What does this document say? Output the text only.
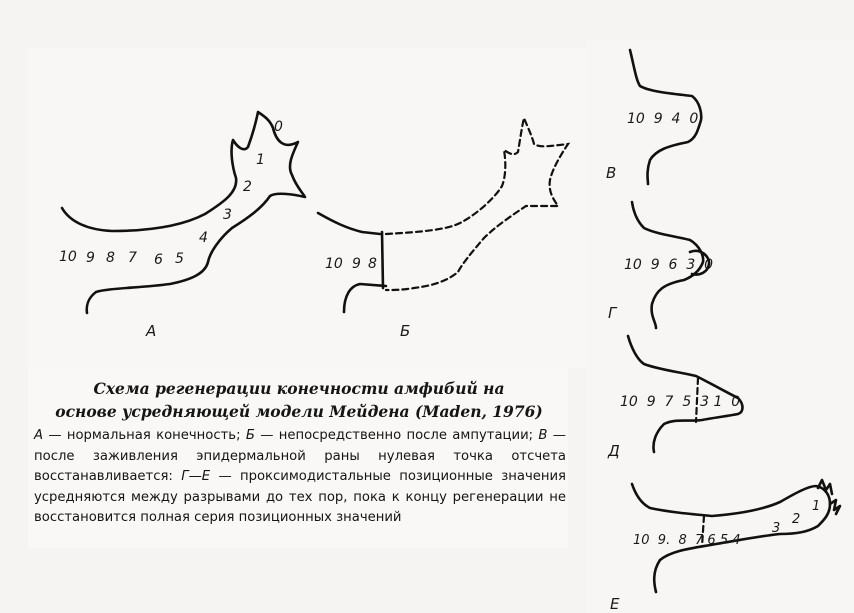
10 9 8 7 6 5
4
3
2
1
0
А
10 9 8
Б
10  9  4  0
В
10  9  6  3  0
Г
10  9  7  5  3 1  0
Д
10  9.  8  7 6 5 4
3
2
1
Е
Схема регенерации конечности амфибий на
основе усредняющей модели Мейдена (Maden, 1976)
А — нормальная конечность; Б — непосредственно после ампутации; В — после заживления эпидермальной раны нулевая точка отсчета восстанавливается: Г—Е — проксимодистальные позиционные значения усредняются между разрывами до тех пор, пока к концу регенерации не восстановится полная серия позиционных значений
